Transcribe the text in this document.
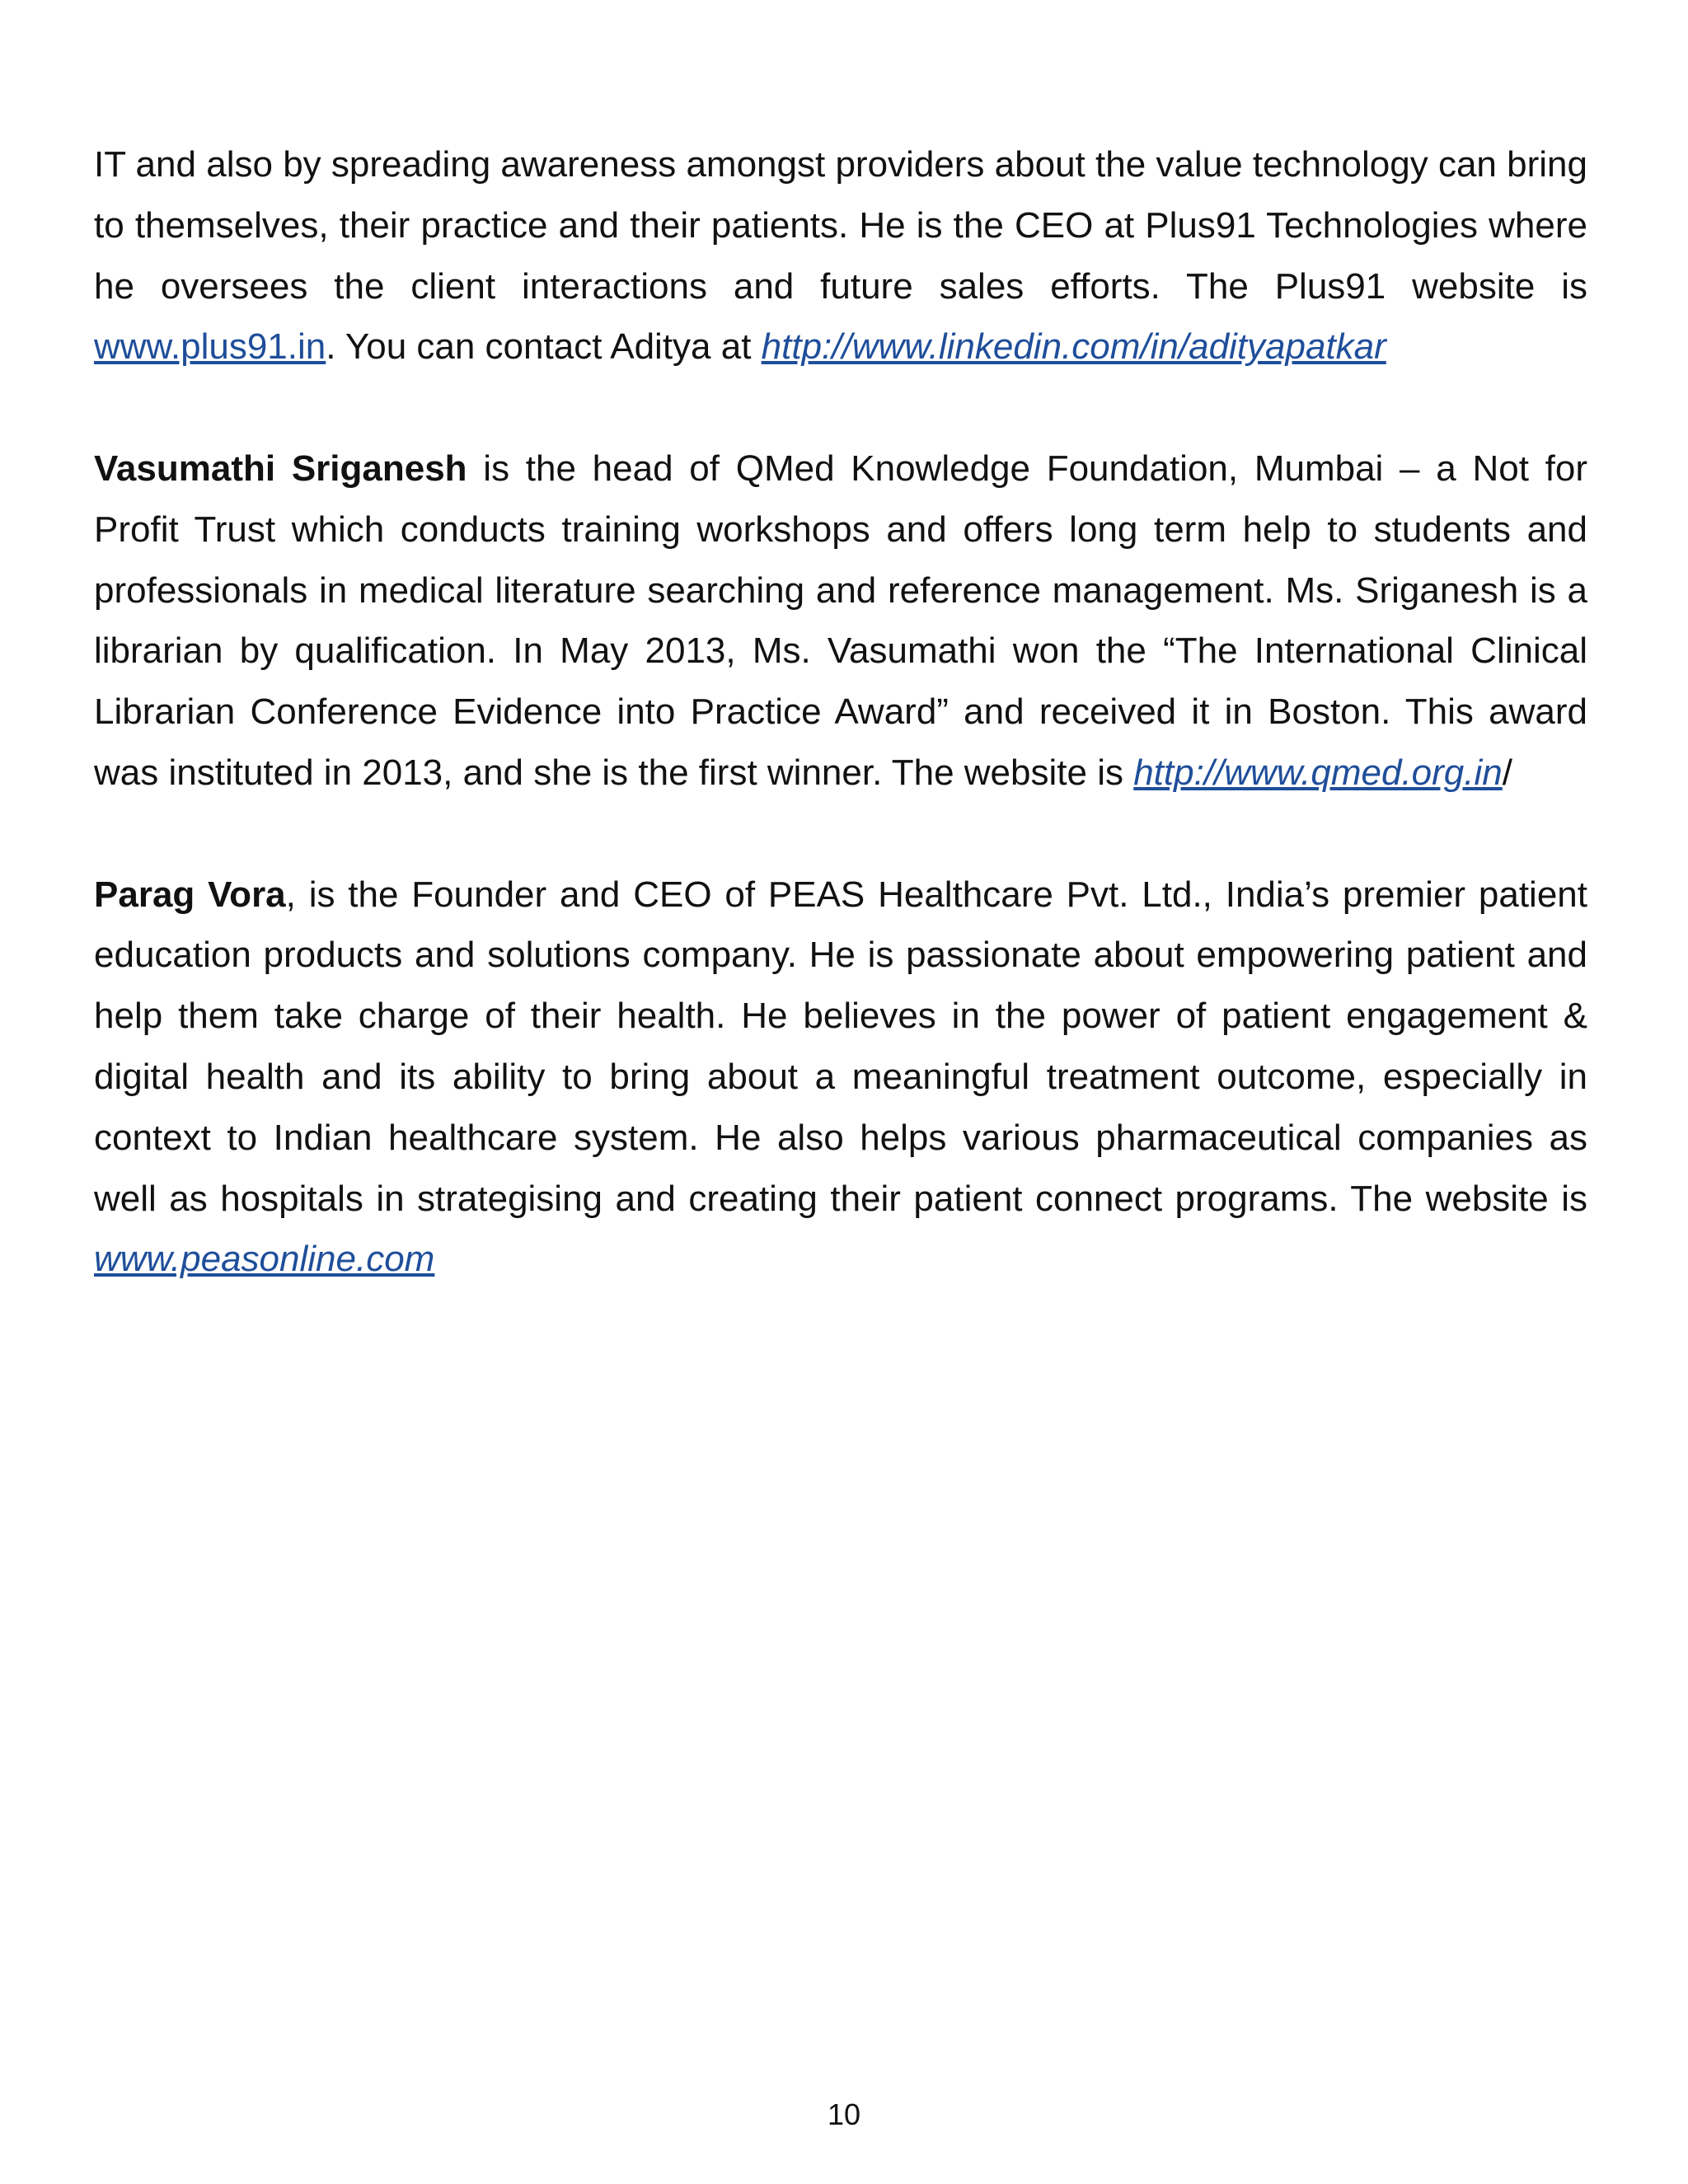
IT and also by spreading awareness amongst providers about the value technology can bring to themselves, their practice and their patients. He is the CEO at Plus91 Technologies where he oversees the client interactions and future sales efforts. The Plus91 website is www.plus91.in. You can contact Aditya at http://www.linkedin.com/in/adityapatkar

Vasumathi Sriganesh is the head of QMed Knowledge Foundation, Mumbai – a Not for Profit Trust which conducts training workshops and offers long term help to students and professionals in medical literature searching and reference management. Ms. Sriganesh is a librarian by qualification. In May 2013, Ms. Vasumathi won the “The International Clinical Librarian Conference Evidence into Practice Award” and received it in Boston. This award was instituted in 2013, and she is the first winner. The website is http://www.qmed.org.in/

Parag Vora, is the Founder and CEO of PEAS Healthcare Pvt. Ltd., India’s premier patient education products and solutions company. He is passionate about empowering patient and help them take charge of their health. He believes in the power of patient engagement & digital health and its ability to bring about a meaningful treatment outcome, especially in context to Indian healthcare system. He also helps various pharmaceutical companies as well as hospitals in strategising and creating their patient connect programs. The website is www.peasonline.com

10
